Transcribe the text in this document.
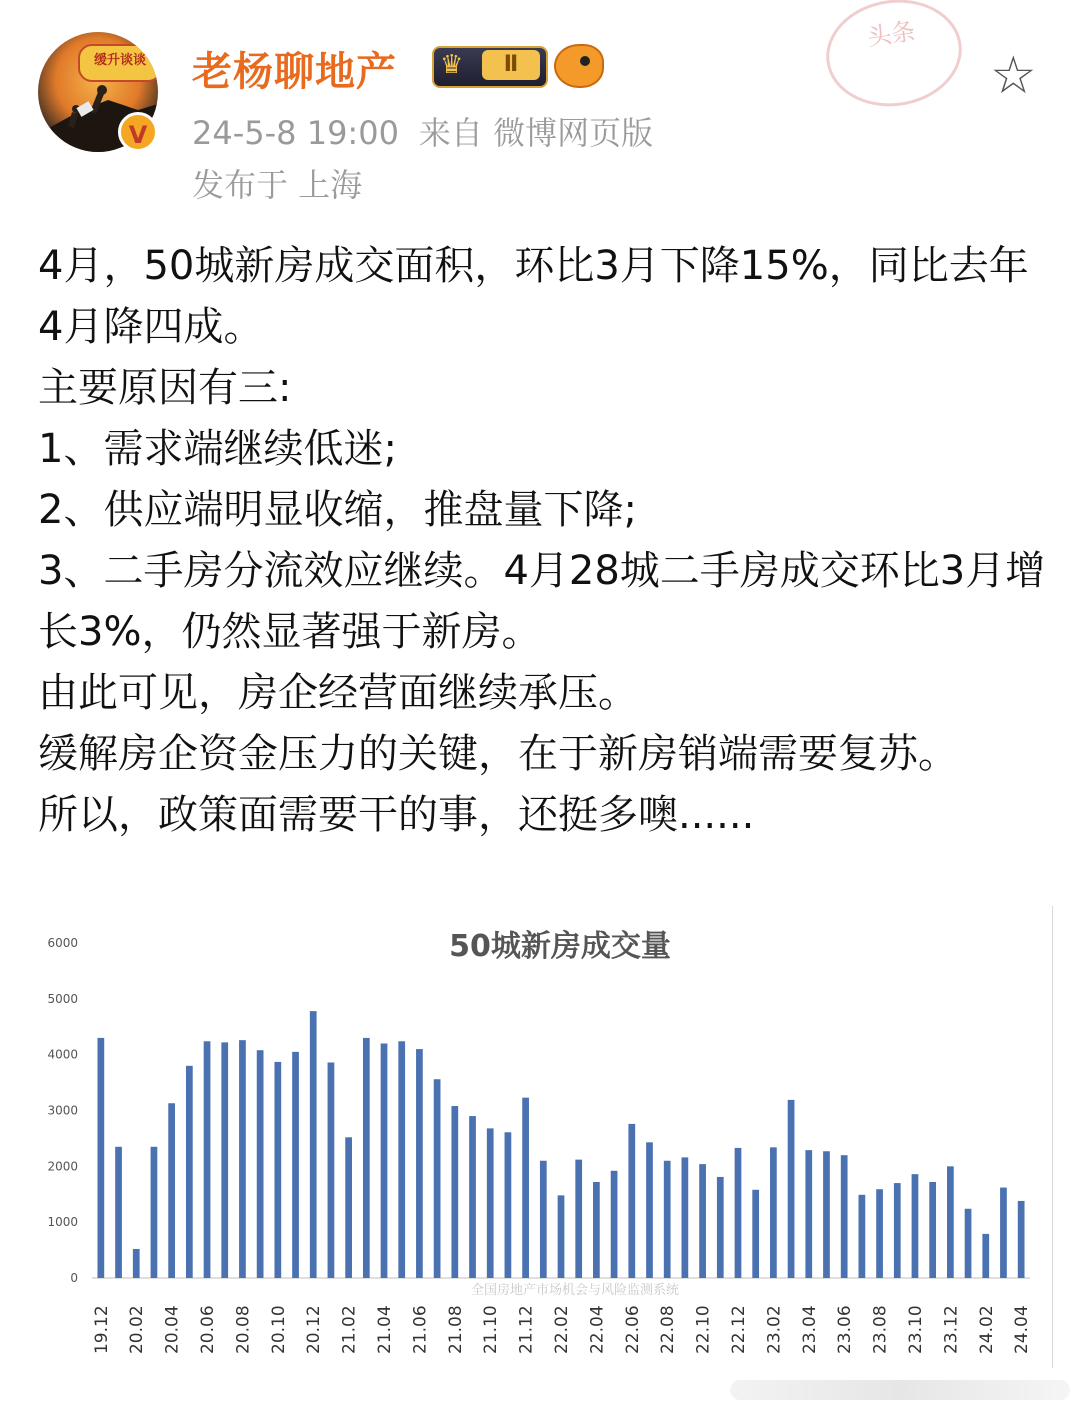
缓升谈谈
V
老杨聊地产 ♛	Ⅱ
24-5-8 19:00 来自 微博网页版
发布于 上海
头条
☆

4月，50城新房成交面积，环比3月下降15%，同比去年4月降四成。

主要原因有三:

1、需求端继续低迷;

2、供应端明显收缩，推盘量下降;

3、二手房分流效应继续。4月28城二手房成交环比3月增长3%，仍然显著强于新房。

由此可见，房企经营面继续承压。

缓解房企资金压力的关键，在于新房销端需要复苏。

所以，政策面需要干的事，还挺多噢......

50城新房成交量
全国房地产市场机会与风险监测系统
0
1000
2000
3000
4000
5000
6000
19.12 20.02 20.04 20.06 20.08 20.10 20.12 21.02 21.04 21.06 21.08 21.10 21.12 22.02 22.04 22.06 22.08 22.10 22.12 23.02 23.04 23.06 23.08 23.10 23.12 24.02 24.04
